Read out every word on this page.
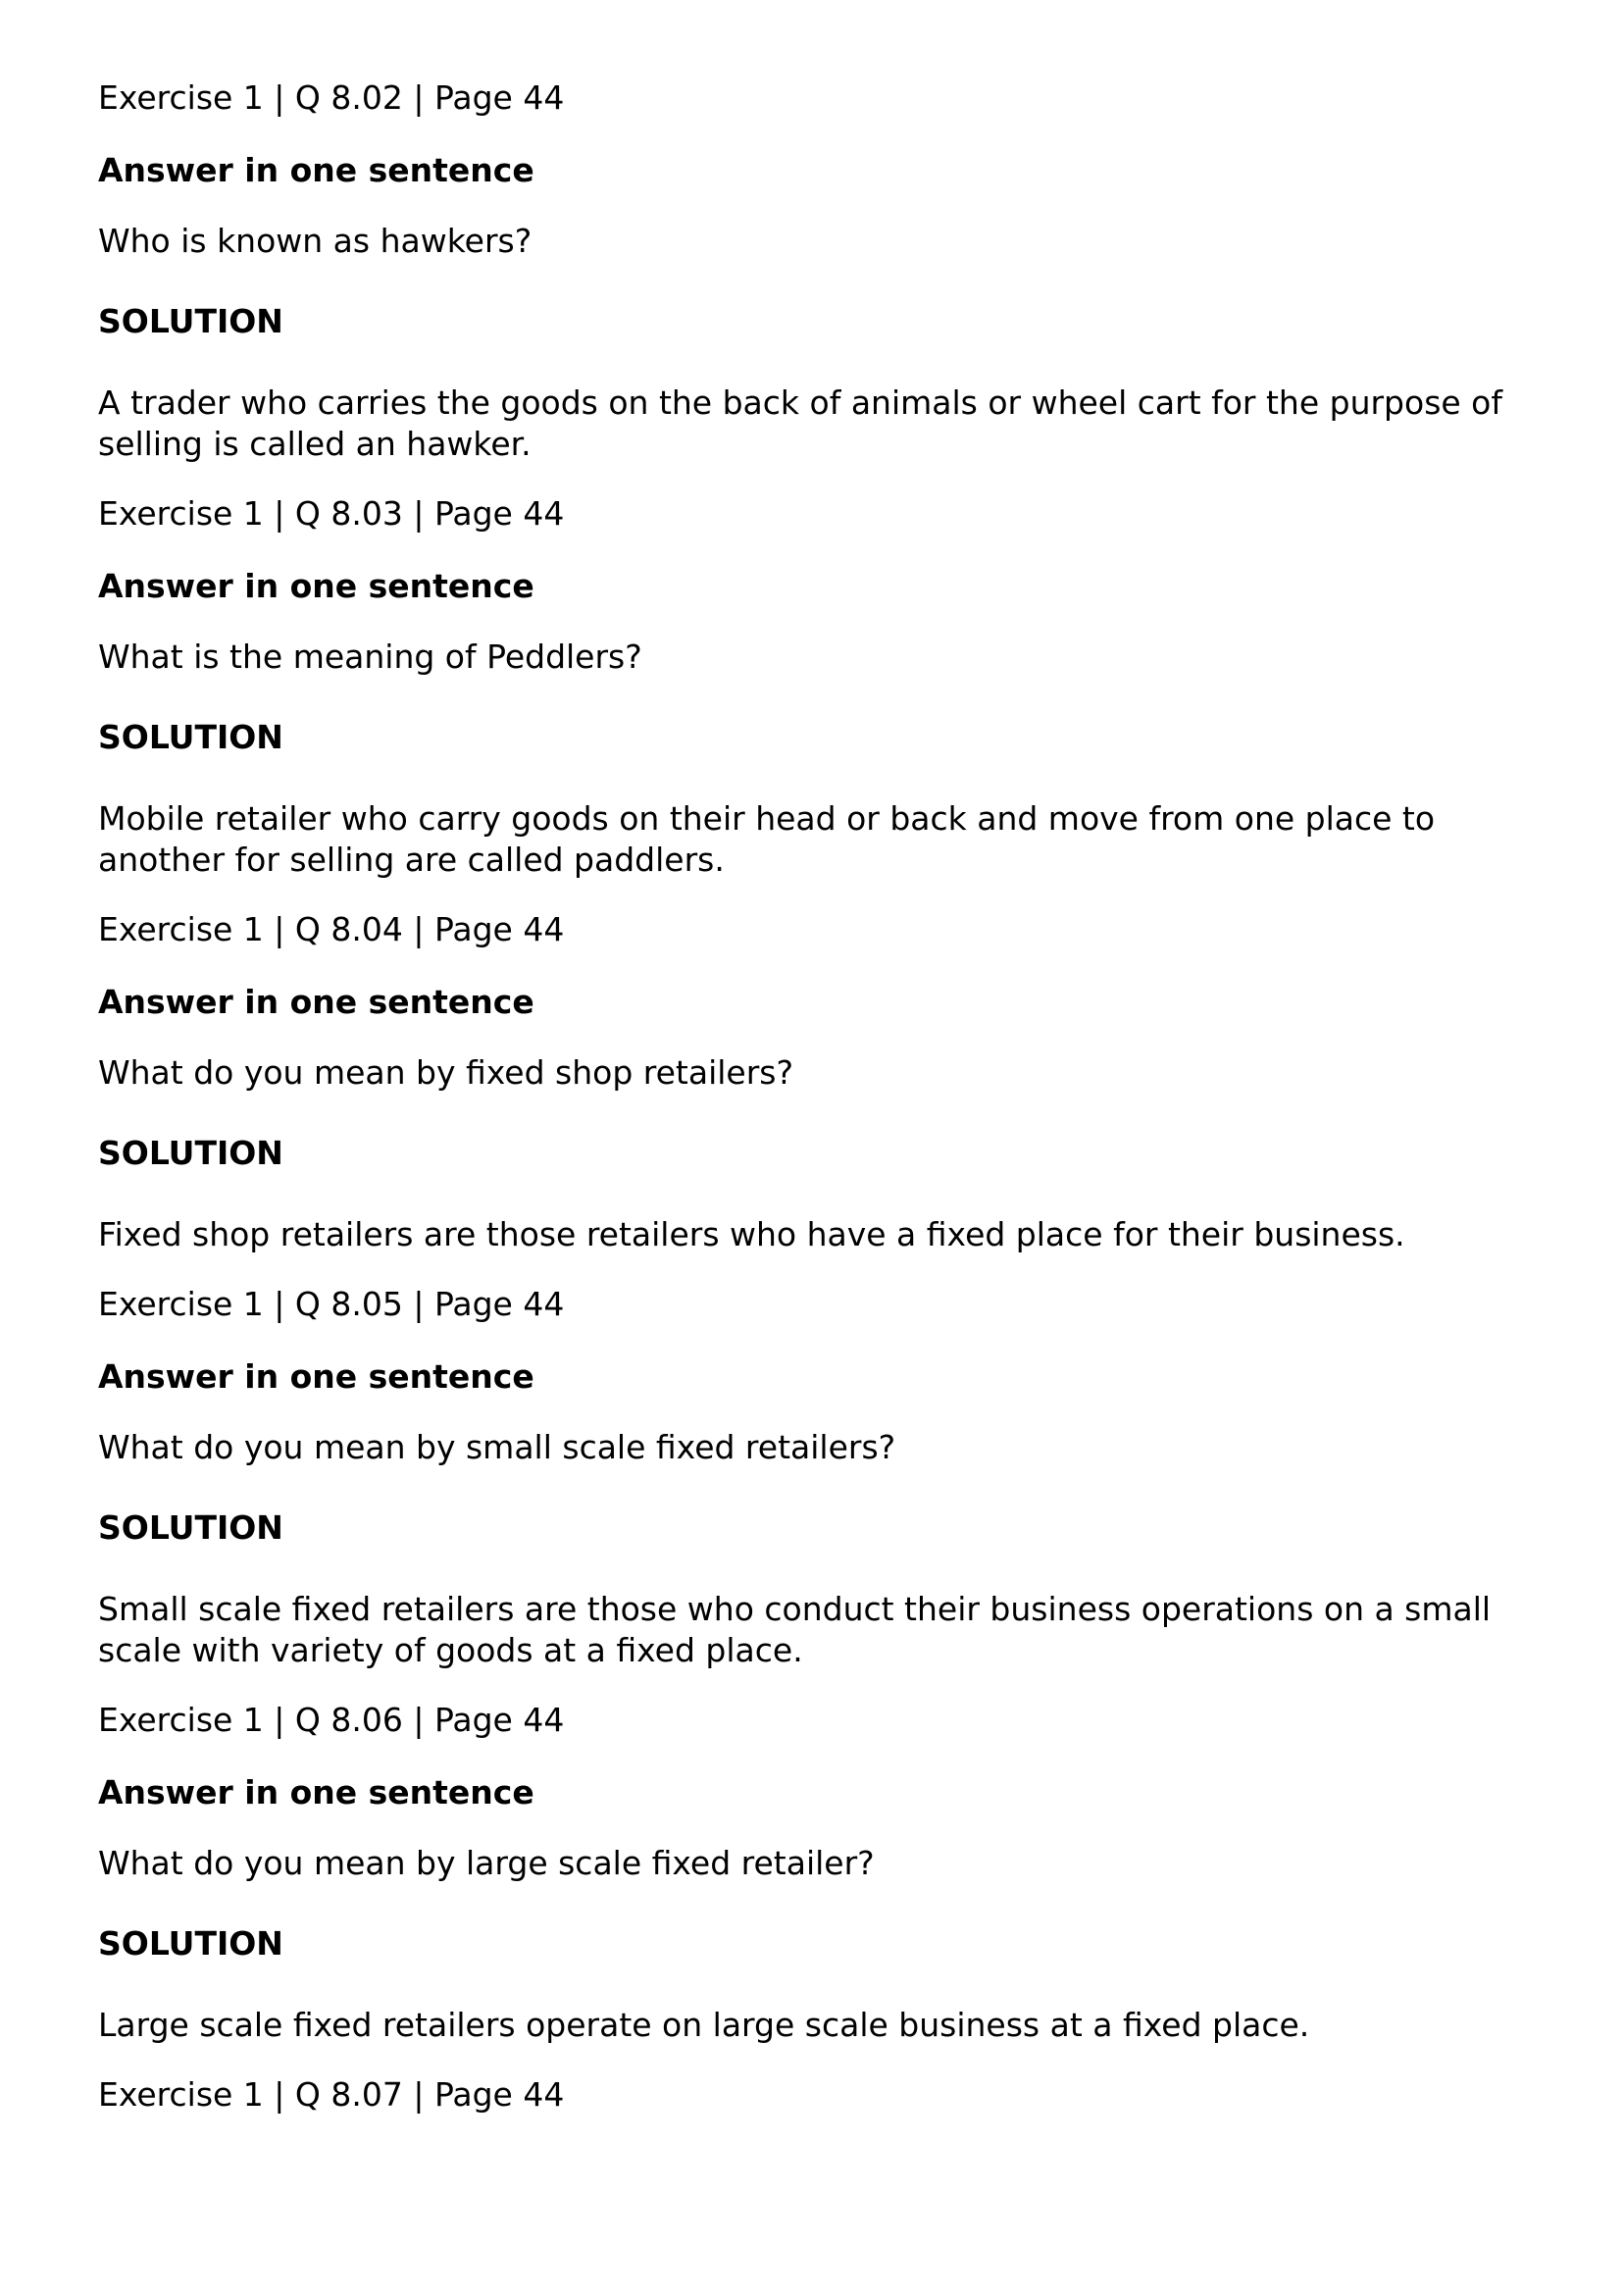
Exercise 1 | Q 8.02 | Page 44
Answer in one sentence
Who is known as hawkers?
SOLUTION
A trader who carries the goods on the back of animals or wheel cart for the purpose of selling is called an hawker.
Exercise 1 | Q 8.03 | Page 44
Answer in one sentence
What is the meaning of Peddlers?
SOLUTION
Mobile retailer who carry goods on their head or back and move from one place to another for selling are called paddlers.
Exercise 1 | Q 8.04 | Page 44
Answer in one sentence
What do you mean by fixed shop retailers?
SOLUTION
Fixed shop retailers are those retailers who have a fixed place for their business.
Exercise 1 | Q 8.05 | Page 44
Answer in one sentence
What do you mean by small scale fixed retailers?
SOLUTION
Small scale fixed retailers are those who conduct their business operations on a small scale with variety of goods at a fixed place.
Exercise 1 | Q 8.06 | Page 44
Answer in one sentence
What do you mean by large scale fixed retailer?
SOLUTION
Large scale fixed retailers operate on large scale business at a fixed place.
Exercise 1 | Q 8.07 | Page 44
